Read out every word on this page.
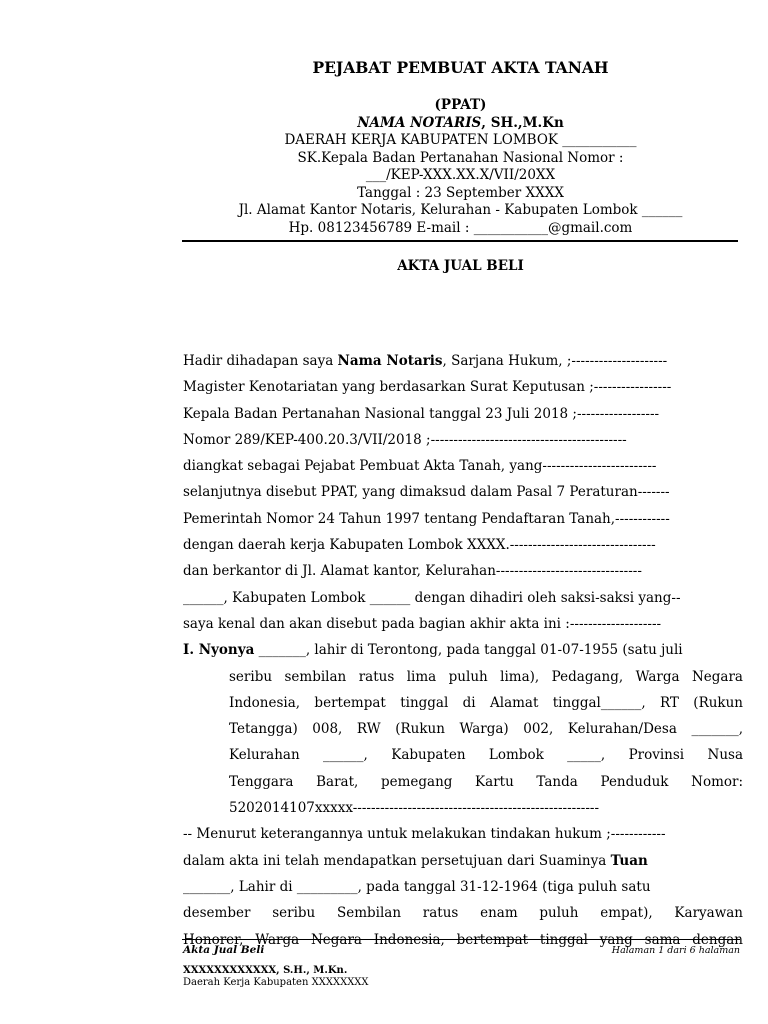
PEJABAT PEMBUAT AKTA TANAH
(PPAT)
NAMA NOTARIS, SH.,M.Kn
DAERAH KERJA KABUPATEN LOMBOK ___________
SK.Kepala Badan Pertanahan Nasional Nomor :
___/KEP-XXX.XX.X/VII/20XX
Tanggal : 23 September XXXX
Jl. Alamat Kantor Notaris, Kelurahan - Kabupaten Lombok ______
Hp. 08123456789 E-mail : ___________@gmail.com
AKTA JUAL BELI
Hadir dihadapan saya Nama Notaris, Sarjana Hukum, ;---------------------
Magister Kenotariatan yang berdasarkan Surat Keputusan ;-----------------
Kepala Badan Pertanahan Nasional tanggal 23 Juli 2018 ;------------------
Nomor 289/KEP-400.20.3/VII/2018 ;-------------------------------------------
diangkat sebagai Pejabat Pembuat Akta Tanah, yang-------------------------
selanjutnya disebut PPAT, yang dimaksud dalam Pasal 7 Peraturan-------
Pemerintah Nomor 24 Tahun 1997 tentang Pendaftaran Tanah,------------
dengan daerah kerja Kabupaten Lombok XXXX.--------------------------------
dan berkantor di Jl. Alamat kantor, Kelurahan--------------------------------
______, Kabupaten Lombok ______ dengan dihadiri oleh saksi-saksi yang--
saya kenal dan akan disebut pada bagian akhir akta ini :--------------------
I. Nyonya _______, lahir di Terontong, pada tanggal 01-07-1955 (satu juli
seribu sembilan ratus lima puluh lima), Pedagang, Warga Negara
Indonesia, bertempat tinggal di Alamat tinggal______, RT (Rukun
Tetangga) 008, RW (Rukun Warga) 002, Kelurahan/Desa _______,
Kelurahan ______, Kabupaten Lombok _____, Provinsi Nusa
Tenggara Barat, pemegang Kartu Tanda Penduduk Nomor:
5202014107xxxxx------------------------------------------------------
-- Menurut keterangannya untuk melakukan tindakan hukum ;------------
dalam akta ini telah mendapatkan persetujuan dari Suaminya Tuan
_______, Lahir di _________, pada tanggal 31-12-1964 (tiga puluh satu
desember seribu Sembilan ratus enam puluh empat), Karyawan
Honorer, Warga Negara Indonesia, bertempat tinggal yang sama dengan
Akta Jual Beli	Halaman 1 dari 6 halaman
XXXXXXXXXXXX, S.H., M.Kn.
Daerah Kerja Kabupaten XXXXXXXX
